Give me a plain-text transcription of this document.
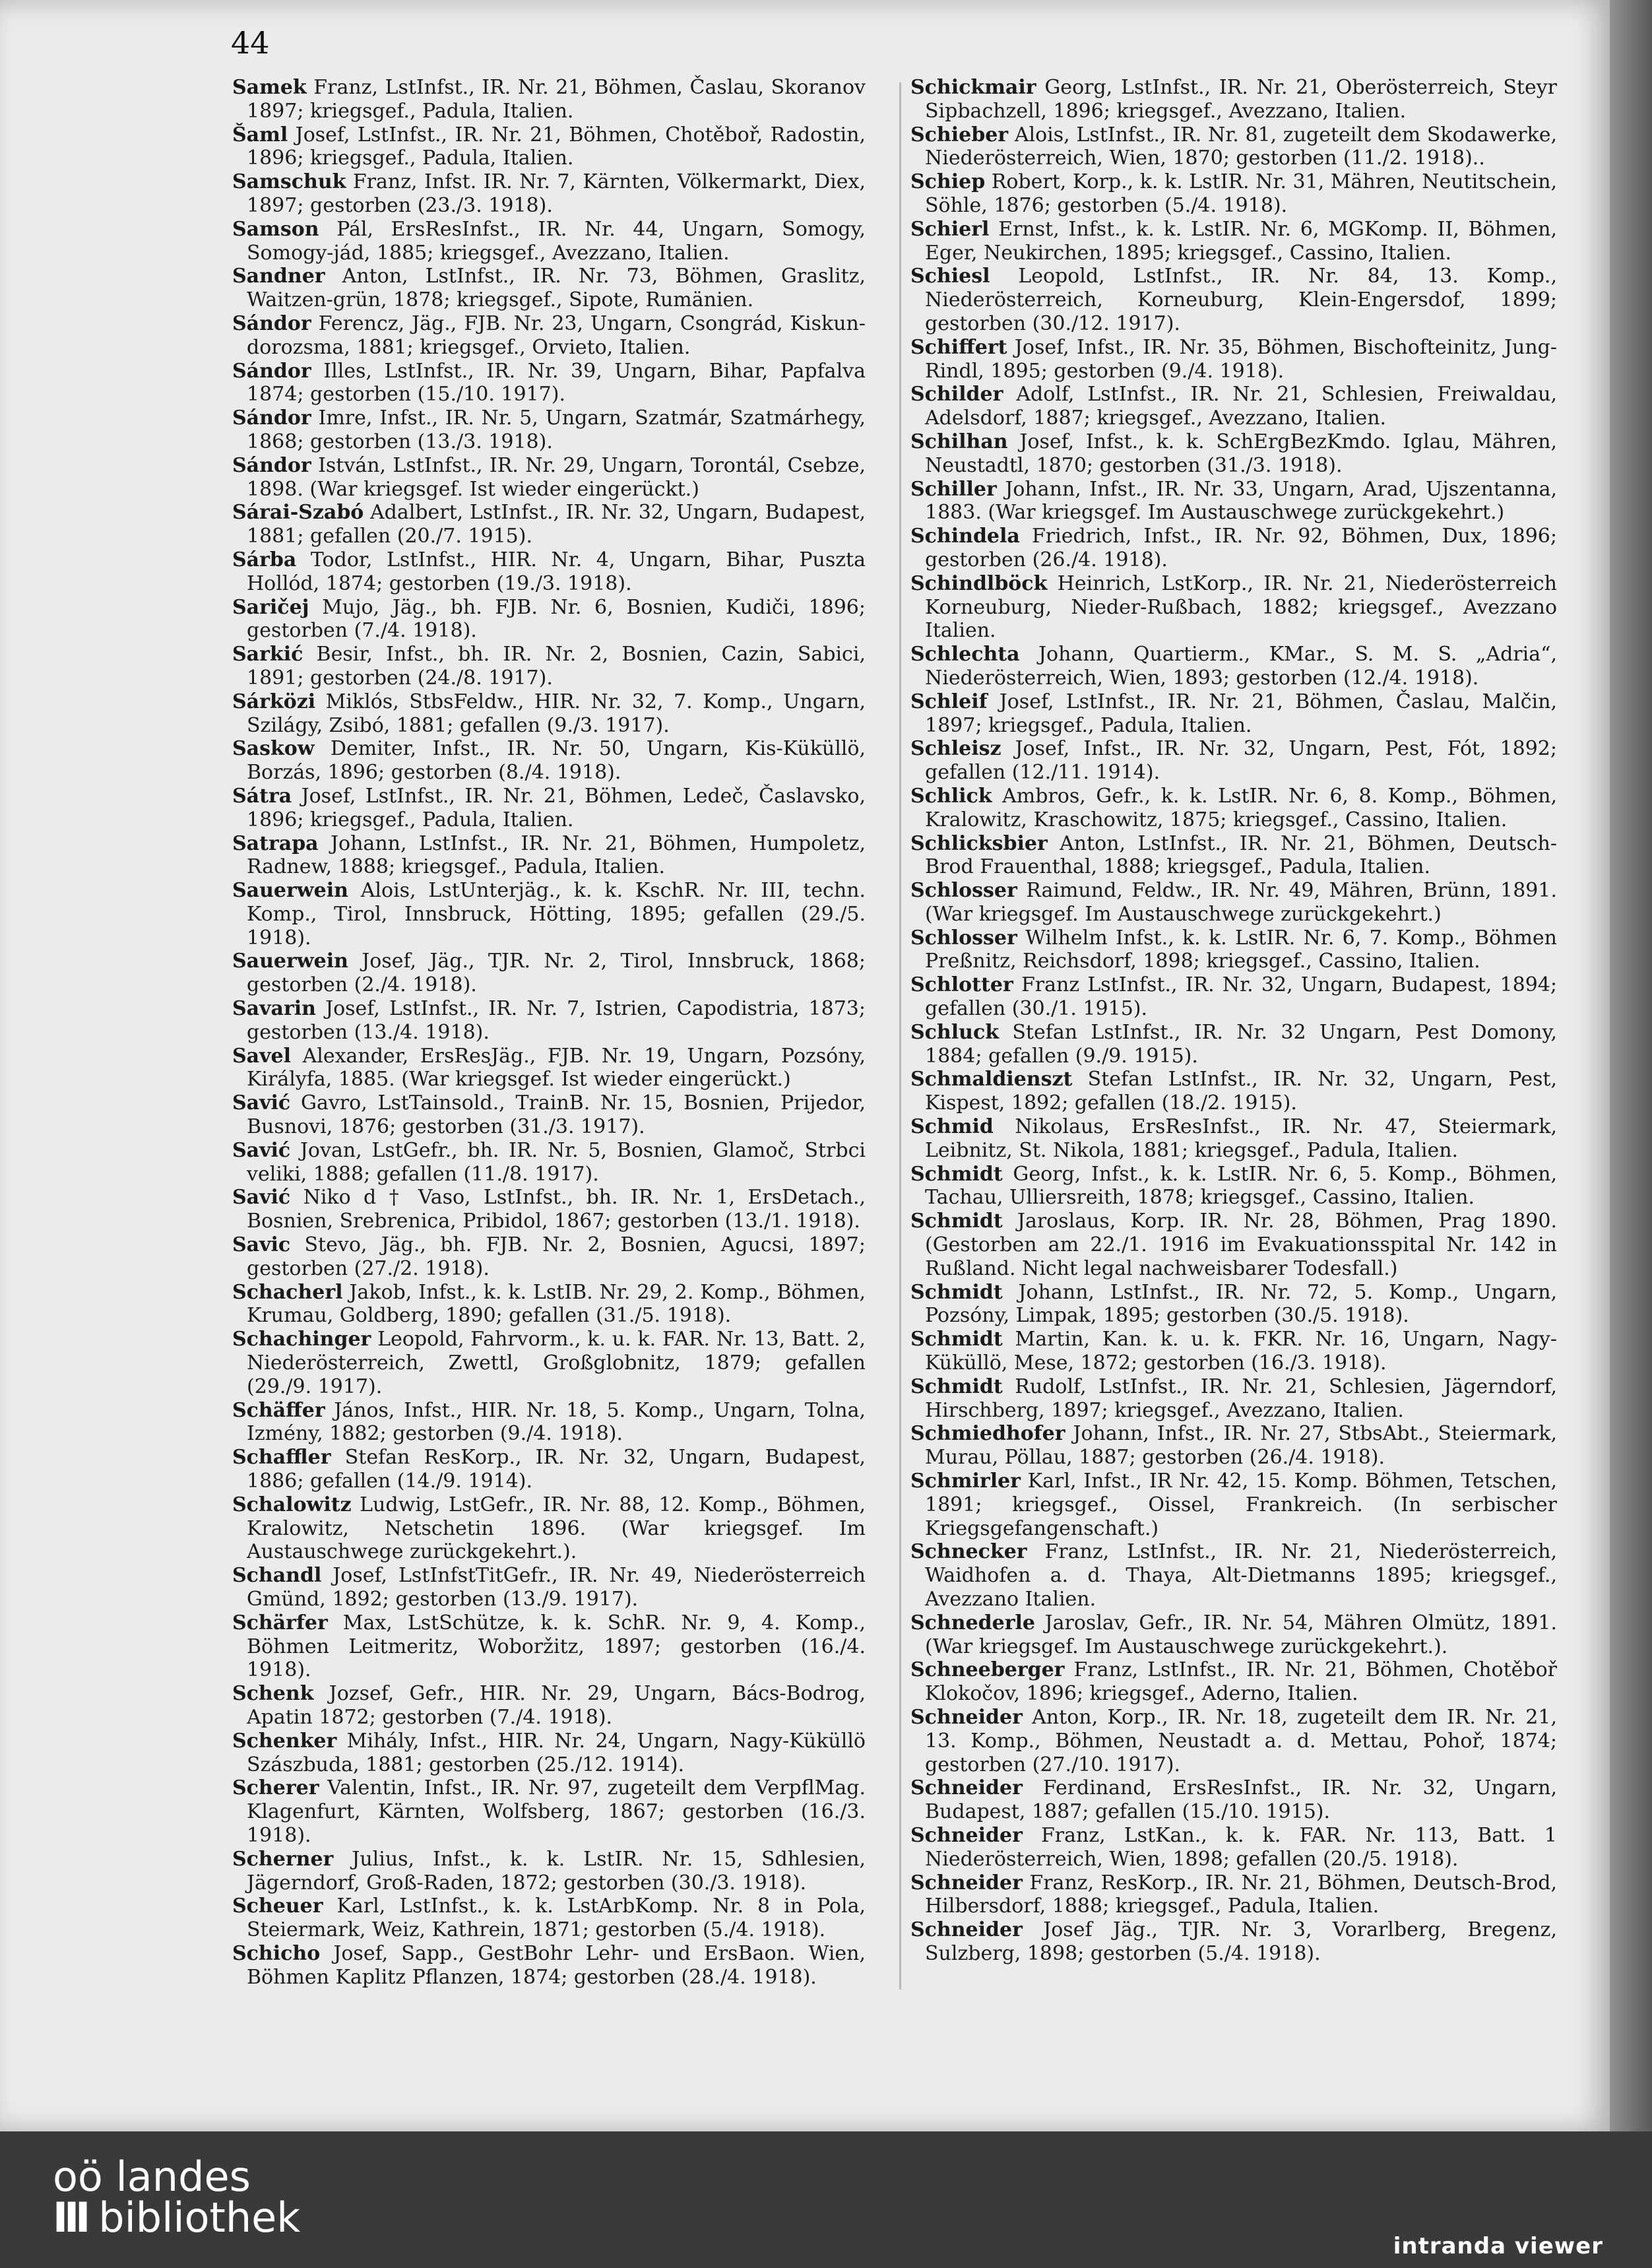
44

Samek Franz, LstInfst., IR. Nr. 21, Böhmen, Časlau, Skoranov 1897; kriegsgef., Padula, Italien.

Šaml Josef, LstInfst., IR. Nr. 21, Böhmen, Chotěboř, Radostin, 1896; kriegsgef., Padula, Italien.

Samschuk Franz, Infst. IR. Nr. 7, Kärnten, Völkermarkt, Diex, 1897; gestorben (23./3. 1918).

Samson Pál, ErsResInfst., IR. Nr. 44, Ungarn, Somogy, Somogy-jád, 1885; kriegsgef., Avezzano, Italien.

Sandner Anton, LstInfst., IR. Nr. 73, Böhmen, Graslitz, Waitzen-grün, 1878; kriegsgef., Sipote, Rumänien.

Sándor Ferencz, Jäg., FJB. Nr. 23, Ungarn, Csongrád, Kiskun-dorozsma, 1881; kriegsgef., Orvieto, Italien.

Sándor Illes, LstInfst., IR. Nr. 39, Ungarn, Bihar, Papfalva 1874; gestorben (15./10. 1917).

Sándor Imre, Infst., IR. Nr. 5, Ungarn, Szatmár, Szatmárhegy, 1868; gestorben (13./3. 1918).

Sándor István, LstInfst., IR. Nr. 29, Ungarn, Torontál, Csebze, 1898. (War kriegsgef. Ist wieder eingerückt.)

Sárai-Szabó Adalbert, LstInfst., IR. Nr. 32, Ungarn, Budapest, 1881; gefallen (20./7. 1915).

Sárba Todor, LstInfst., HIR. Nr. 4, Ungarn, Bihar, Puszta Hollód, 1874; gestorben (19./3. 1918).

Saričej Mujo, Jäg., bh. FJB. Nr. 6, Bosnien, Kudiči, 1896; gestorben (7./4. 1918).

Sarkić Besir, Infst., bh. IR. Nr. 2, Bosnien, Cazin, Sabici, 1891; gestorben (24./8. 1917).

Sárközi Miklós, StbsFeldw., HIR. Nr. 32, 7. Komp., Ungarn, Szilágy, Zsibó, 1881; gefallen (9./3. 1917).

Saskow Demiter, Infst., IR. Nr. 50, Ungarn, Kis-Küküllö, Borzás, 1896; gestorben (8./4. 1918).

Sátra Josef, LstInfst., IR. Nr. 21, Böhmen, Ledeč, Časlavsko, 1896; kriegsgef., Padula, Italien.

Satrapa Johann, LstInfst., IR. Nr. 21, Böhmen, Humpoletz, Radnew, 1888; kriegsgef., Padula, Italien.

Sauerwein Alois, LstUnterjäg., k. k. KschR. Nr. III, techn. Komp., Tirol, Innsbruck, Hötting, 1895; gefallen (29./5. 1918).

Sauerwein Josef, Jäg., TJR. Nr. 2, Tirol, Innsbruck, 1868; gestorben (2./4. 1918).

Savarin Josef, LstInfst., IR. Nr. 7, Istrien, Capodistria, 1873; gestorben (13./4. 1918).

Savel Alexander, ErsResJäg., FJB. Nr. 19, Ungarn, Pozsóny, Királyfa, 1885. (War kriegsgef. Ist wieder eingerückt.)

Savić Gavro, LstTainsold., TrainB. Nr. 15, Bosnien, Prijedor, Busnovi, 1876; gestorben (31./3. 1917).

Savić Jovan, LstGefr., bh. IR. Nr. 5, Bosnien, Glamoč, Strbci veliki, 1888; gefallen (11./8. 1917).

Savić Niko d † Vaso, LstInfst., bh. IR. Nr. 1, ErsDetach., Bosnien, Srebrenica, Pribidol, 1867; gestorben (13./1. 1918).

Savic Stevo, Jäg., bh. FJB. Nr. 2, Bosnien, Agucsi, 1897; gestorben (27./2. 1918).

Schacherl Jakob, Infst., k. k. LstIB. Nr. 29, 2. Komp., Böhmen, Krumau, Goldberg, 1890; gefallen (31./5. 1918).

Schachinger Leopold, Fahrvorm., k. u. k. FAR. Nr. 13, Batt. 2, Niederösterreich, Zwettl, Großglobnitz, 1879; gefallen (29./9. 1917).

Schäffer János, Infst., HIR. Nr. 18, 5. Komp., Ungarn, Tolna, Izmény, 1882; gestorben (9./4. 1918).

Schaffler Stefan ResKorp., IR. Nr. 32, Ungarn, Budapest, 1886; gefallen (14./9. 1914).

Schalowitz Ludwig, LstGefr., IR. Nr. 88, 12. Komp., Böhmen, Kralowitz, Netschetin 1896. (War kriegsgef. Im Austauschwege zurückgekehrt.).

Schandl Josef, LstInfstTitGefr., IR. Nr. 49, Niederösterreich Gmünd, 1892; gestorben (13./9. 1917).

Schärfer Max, LstSchütze, k. k. SchR. Nr. 9, 4. Komp., Böhmen Leitmeritz, Woboržitz, 1897; gestorben (16./4. 1918).

Schenk Jozsef, Gefr., HIR. Nr. 29, Ungarn, Bács-Bodrog, Apatin 1872; gestorben (7./4. 1918).

Schenker Mihály, Infst., HIR. Nr. 24, Ungarn, Nagy-Küküllö Szászbuda, 1881; gestorben (25./12. 1914).

Scherer Valentin, Infst., IR. Nr. 97, zugeteilt dem VerpflMag. Klagenfurt, Kärnten, Wolfsberg, 1867; gestorben (16./3. 1918).

Scherner Julius, Infst., k. k. LstIR. Nr. 15, Sdhlesien, Jägerndorf, Groß-Raden, 1872; gestorben (30./3. 1918).

Scheuer Karl, LstInfst., k. k. LstArbKomp. Nr. 8 in Pola, Steiermark, Weiz, Kathrein, 1871; gestorben (5./4. 1918).

Schicho Josef, Sapp., GestBohr Lehr- und ErsBaon. Wien, Böhmen Kaplitz Pflanzen, 1874; gestorben (28./4. 1918).

Schickmair Georg, LstInfst., IR. Nr. 21, Oberösterreich, Steyr Sipbachzell, 1896; kriegsgef., Avezzano, Italien.

Schieber Alois, LstInfst., IR. Nr. 81, zugeteilt dem Skodawerke, Niederösterreich, Wien, 1870; gestorben (11./2. 1918)..

Schiep Robert, Korp., k. k. LstIR. Nr. 31, Mähren, Neutitschein, Söhle, 1876; gestorben (5./4. 1918).

Schierl Ernst, Infst., k. k. LstIR. Nr. 6, MGKomp. II, Böhmen, Eger, Neukirchen, 1895; kriegsgef., Cassino, Italien.

Schiesl Leopold, LstInfst., IR. Nr. 84, 13. Komp., Niederösterreich, Korneuburg, Klein-Engersdof, 1899; gestorben (30./12. 1917).

Schiffert Josef, Infst., IR. Nr. 35, Böhmen, Bischofteinitz, Jung-Rindl, 1895; gestorben (9./4. 1918).

Schilder Adolf, LstInfst., IR. Nr. 21, Schlesien, Freiwaldau, Adelsdorf, 1887; kriegsgef., Avezzano, Italien.

Schilhan Josef, Infst., k. k. SchErgBezKmdo. Iglau, Mähren, Neustadtl, 1870; gestorben (31./3. 1918).

Schiller Johann, Infst., IR. Nr. 33, Ungarn, Arad, Ujszentanna, 1883. (War kriegsgef. Im Austauschwege zurückgekehrt.)

Schindela Friedrich, Infst., IR. Nr. 92, Böhmen, Dux, 1896; gestorben (26./4. 1918).

Schindlböck Heinrich, LstKorp., IR. Nr. 21, Niederösterreich Korneuburg, Nieder-Rußbach, 1882; kriegsgef., Avezzano Italien.

Schlechta Johann, Quartierm., KMar., S. M. S. „Adria“, Niederösterreich, Wien, 1893; gestorben (12./4. 1918).

Schleif Josef, LstInfst., IR. Nr. 21, Böhmen, Časlau, Malčin, 1897; kriegsgef., Padula, Italien.

Schleisz Josef, Infst., IR. Nr. 32, Ungarn, Pest, Fót, 1892; gefallen (12./11. 1914).

Schlick Ambros, Gefr., k. k. LstIR. Nr. 6, 8. Komp., Böhmen, Kralowitz, Kraschowitz, 1875; kriegsgef., Cassino, Italien.

Schlicksbier Anton, LstInfst., IR. Nr. 21, Böhmen, Deutsch-Brod Frauenthal, 1888; kriegsgef., Padula, Italien.

Schlosser Raimund, Feldw., IR. Nr. 49, Mähren, Brünn, 1891. (War kriegsgef. Im Austauschwege zurückgekehrt.)

Schlosser Wilhelm Infst., k. k. LstIR. Nr. 6, 7. Komp., Böhmen Preßnitz, Reichsdorf, 1898; kriegsgef., Cassino, Italien.

Schlotter Franz LstInfst., IR. Nr. 32, Ungarn, Budapest, 1894; gefallen (30./1. 1915).

Schluck Stefan LstInfst., IR. Nr. 32 Ungarn, Pest Domony, 1884; gefallen (9./9. 1915).

Schmaldienszt Stefan LstInfst., IR. Nr. 32, Ungarn, Pest, Kispest, 1892; gefallen (18./2. 1915).

Schmid Nikolaus, ErsResInfst., IR. Nr. 47, Steiermark, Leibnitz, St. Nikola, 1881; kriegsgef., Padula, Italien.

Schmidt Georg, Infst., k. k. LstIR. Nr. 6, 5. Komp., Böhmen, Tachau, Ulliersreith, 1878; kriegsgef., Cassino, Italien.

Schmidt Jaroslaus, Korp. IR. Nr. 28, Böhmen, Prag 1890. (Gestorben am 22./1. 1916 im Evakuationsspital Nr. 142 in Rußland. Nicht legal nachweisbarer Todesfall.)

Schmidt Johann, LstInfst., IR. Nr. 72, 5. Komp., Ungarn, Pozsóny, Limpak, 1895; gestorben (30./5. 1918).

Schmidt Martin, Kan. k. u. k. FKR. Nr. 16, Ungarn, Nagy-Küküllö, Mese, 1872; gestorben (16./3. 1918).

Schmidt Rudolf, LstInfst., IR. Nr. 21, Schlesien, Jägerndorf, Hirschberg, 1897; kriegsgef., Avezzano, Italien.

Schmiedhofer Johann, Infst., IR. Nr. 27, StbsAbt., Steiermark, Murau, Pöllau, 1887; gestorben (26./4. 1918).

Schmirler Karl, Infst., IR Nr. 42, 15. Komp. Böhmen, Tetschen, 1891; kriegsgef., Oissel, Frankreich. (In serbischer Kriegsgefangenschaft.)

Schnecker Franz, LstInfst., IR. Nr. 21, Niederösterreich, Waidhofen a. d. Thaya, Alt-Dietmanns 1895; kriegsgef., Avezzano Italien.

Schnederle Jaroslav, Gefr., IR. Nr. 54, Mähren Olmütz, 1891. (War kriegsgef. Im Austauschwege zurückgekehrt.).

Schneeberger Franz, LstInfst., IR. Nr. 21, Böhmen, Chotěboř Klokočov, 1896; kriegsgef., Aderno, Italien.

Schneider Anton, Korp., IR. Nr. 18, zugeteilt dem IR. Nr. 21, 13. Komp., Böhmen, Neustadt a. d. Mettau, Pohoř, 1874; gestorben (27./10. 1917).

Schneider Ferdinand, ErsResInfst., IR. Nr. 32, Ungarn, Budapest, 1887; gefallen (15./10. 1915).

Schneider Franz, LstKan., k. k. FAR. Nr. 113, Batt. 1 Niederösterreich, Wien, 1898; gefallen (20./5. 1918).

Schneider Franz, ResKorp., IR. Nr. 21, Böhmen, Deutsch-Brod, Hilbersdorf, 1888; kriegsgef., Padula, Italien.

Schneider Josef Jäg., TJR. Nr. 3, Vorarlberg, Bregenz, Sulzberg, 1898; gestorben (5./4. 1918).

oö landes
III bibliothek
intranda viewer
